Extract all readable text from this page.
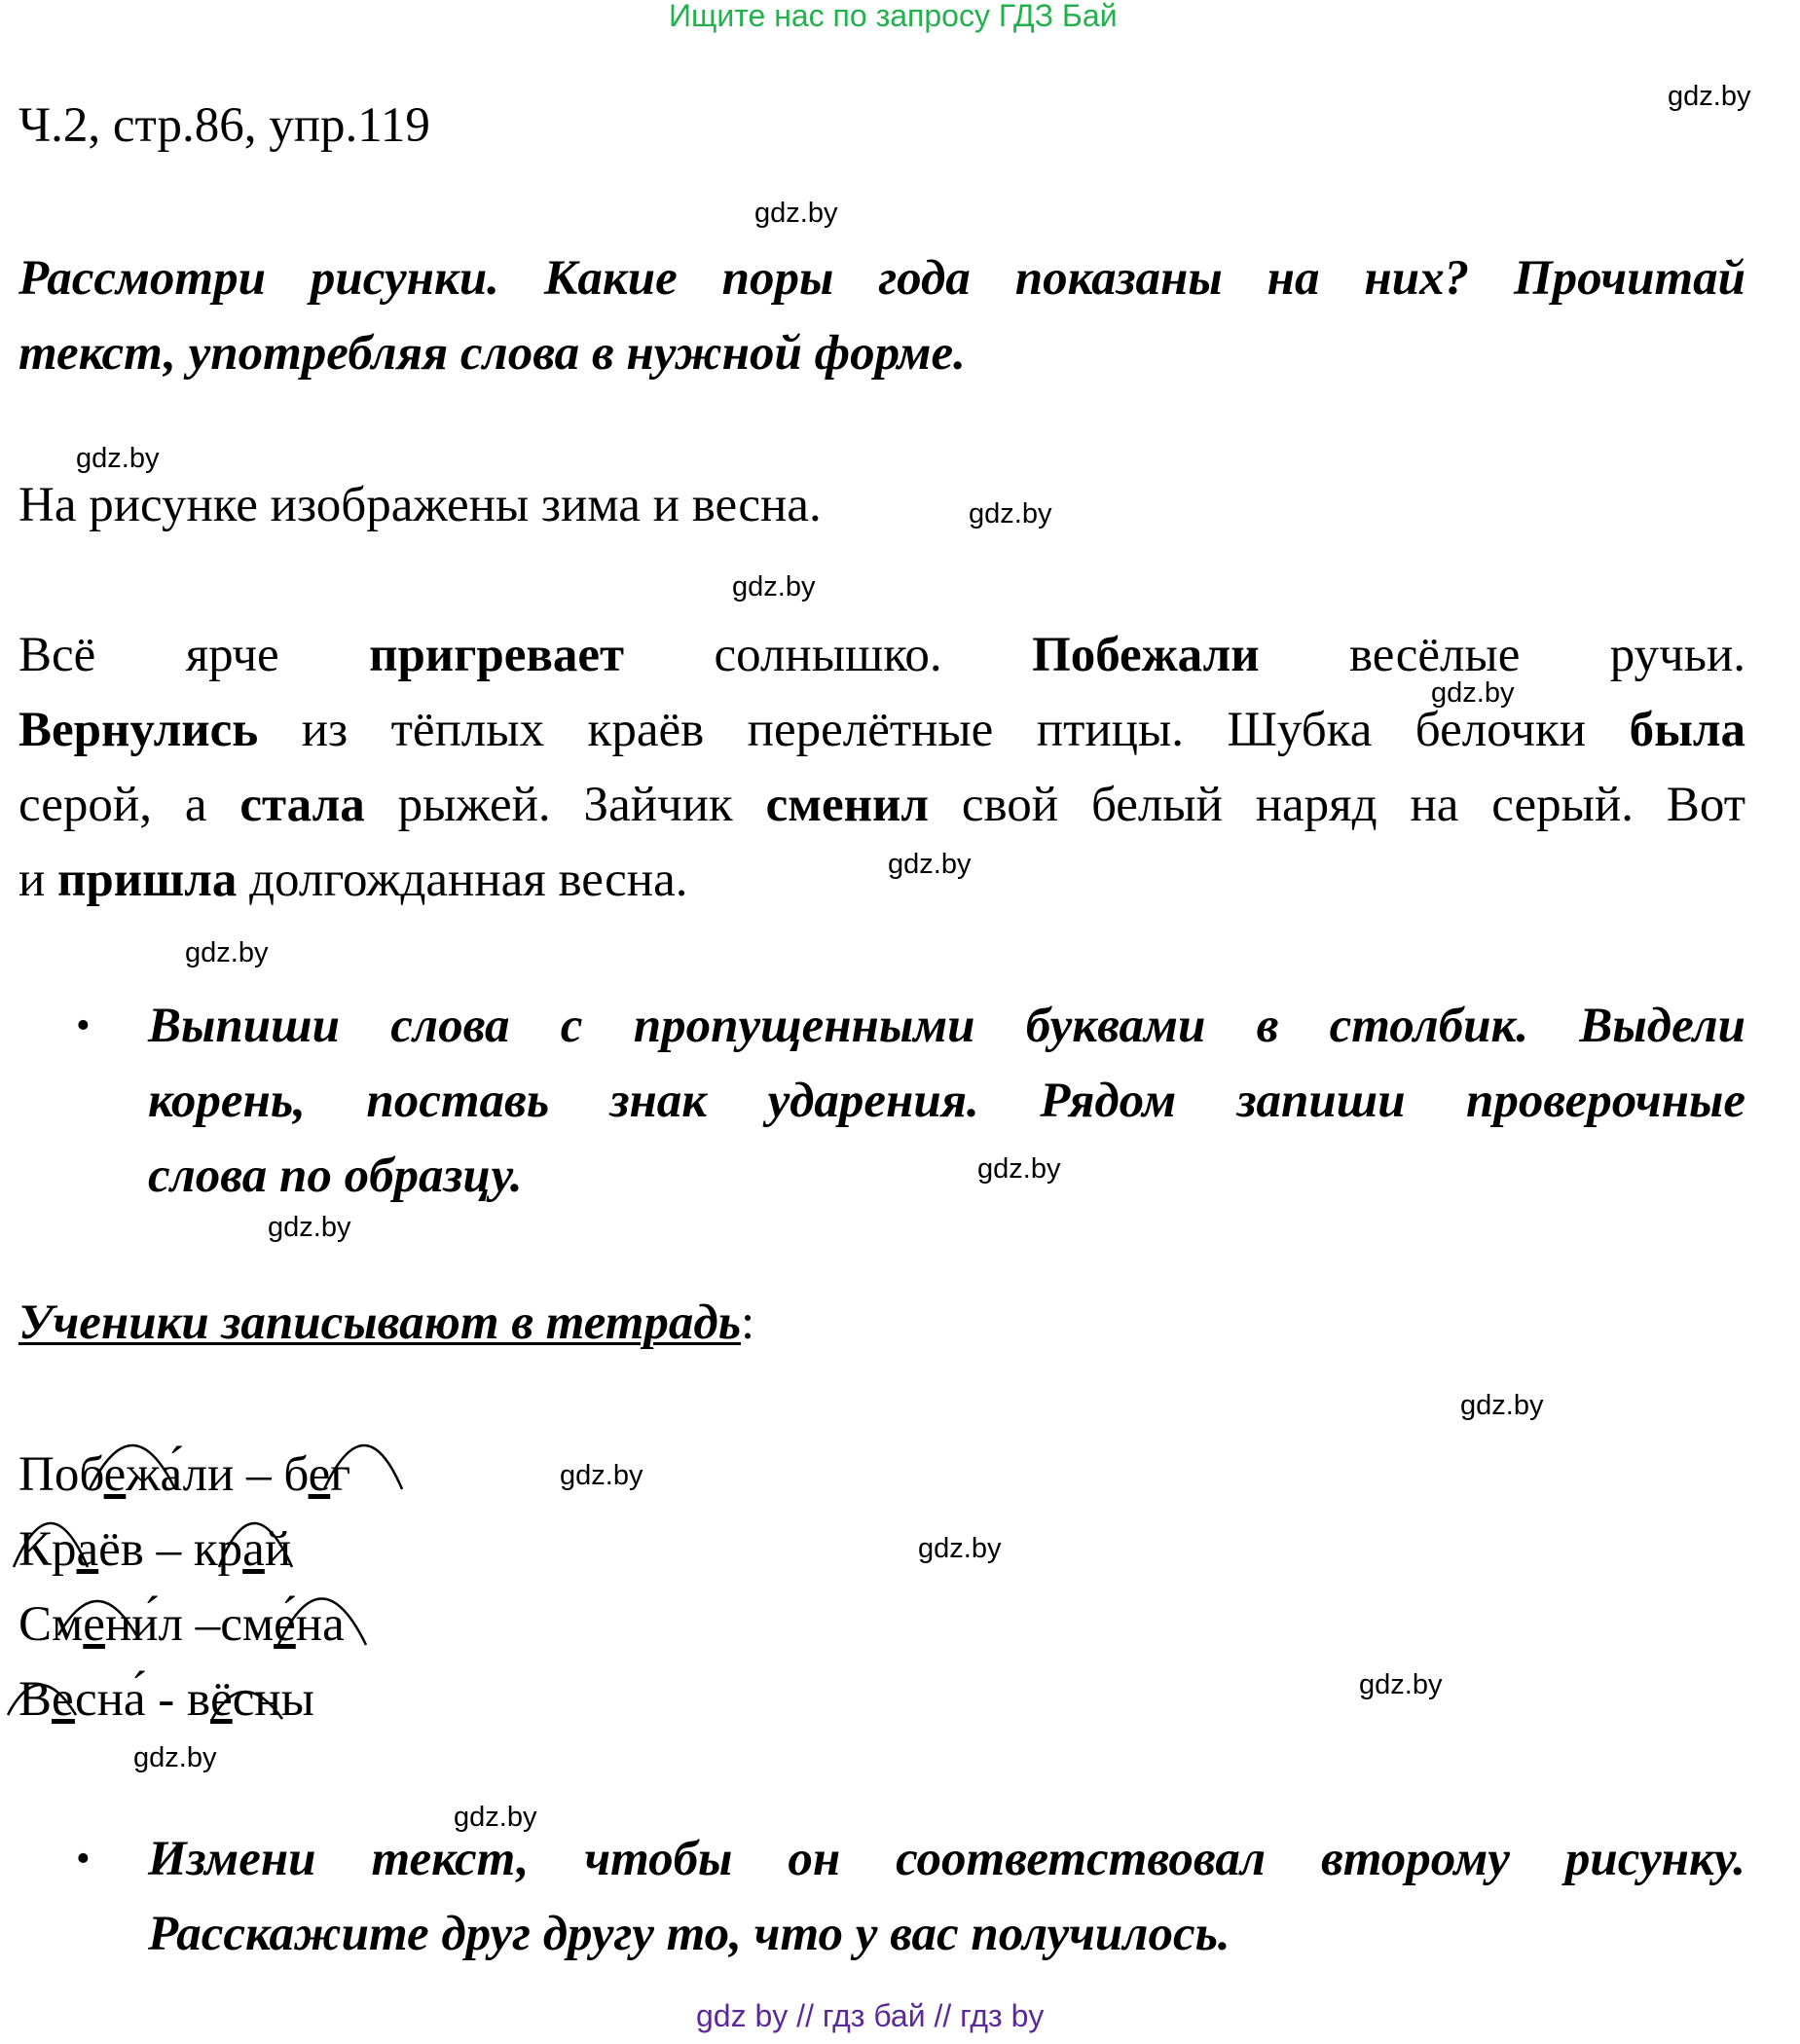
Ищите нас по запросу ГДЗ Бай
Ч.2, стр.86, упр.119
Рассмотри рисунки. Какие поры года показаны на них? Прочитай
текст, употребляя слова в нужной форме.
На рисунке изображены зима и весна.
Всё ярче пригревает солнышко. Побежали весёлые ручьи.
Вернулись из тёплых краёв перелётные птицы. Шубка белочки была
серой, а стала рыжей. Зайчик сменил свой белый наряд на серый. Вот
и пришла долгожданная весна.
• Выпиши слова с пропущенными буквами в столбик. Выдели
корень, поставь знак ударения. Рядом запиши проверочные
слова по образцу.
Ученики записывают в тетрадь:
Побежа́ли – бег
Краёв – край
Смени́л –сме́на
Весна́ - вёсны
• Измени текст, чтобы он соответствовал второму рисунку.
Расскажите друг другу то, что у вас получилось.
gdz by // гдз бай // гдз by
gdz.by
gdz.by
gdz.by
gdz.by
gdz.by
gdz.by
gdz.by
gdz.by
gdz.by
gdz.by
gdz.by
gdz.by
gdz.by
gdz.by
gdz.by
gdz.by
